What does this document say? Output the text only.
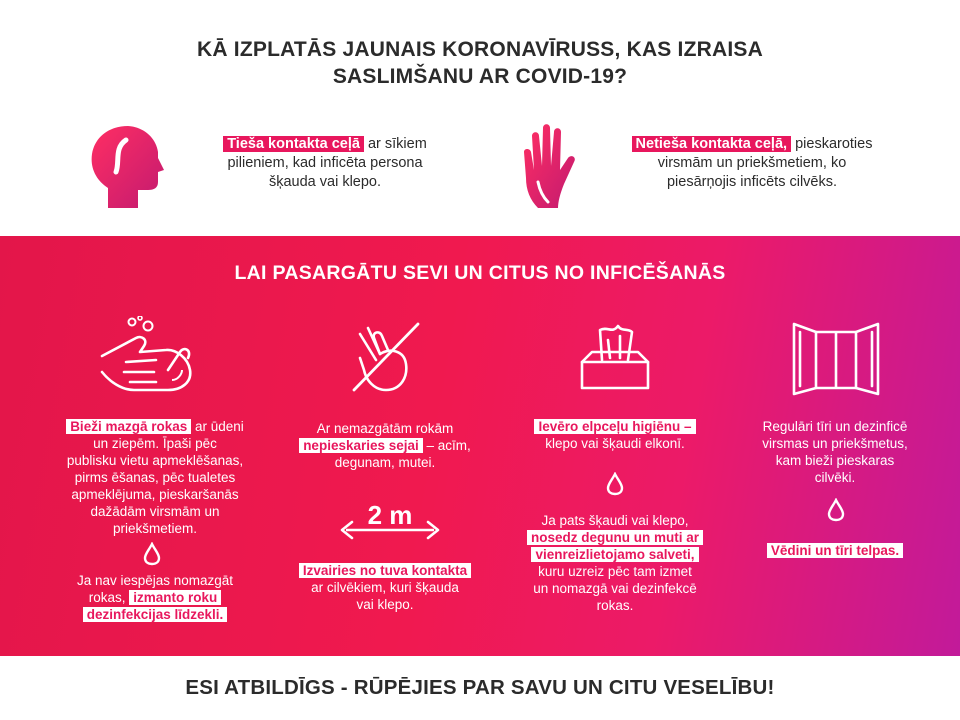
KĀ IZPLATĀS JAUNAIS KORONAVĪRUSS, KAS IZRAISA
SASLIMŠANU AR COVID-19?
Tieša kontakta ceļā ar sīkiem
pilieniem, kad inficēta persona
šķauda vai klepo.
Netieša kontakta ceļā, pieskaroties
virsmām un priekšmetiem, ko
piesārņojis inficēts cilvēks.
LAI PASARGĀTU SEVI UN CITUS NO INFICĒŠANĀS
Bieži mazgā rokas ar ūdeni
un ziepēm. Īpaši pēc
publisku vietu apmeklēšanas,
pirms ēšanas, pēc tualetes
apmeklējuma, pieskaršanās
dažādām virsmām un
priekšmetiem.
Ja nav iespējas nomazgāt
rokas, izmanto roku
dezinfekcijas līdzekli.
Ar nemazgātām rokām
nepieskaries sejai – acīm,
degunam, mutei.
2 m
Izvairies no tuva kontakta
ar cilvēkiem, kuri šķauda
vai klepo.
Ievēro elpceļu higiēnu –
klepo vai šķaudi elkonī.
Ja pats šķaudi vai klepo,
nosedz degunu un muti ar
vienreizlietojamo salveti,
kuru uzreiz pēc tam izmet
un nomazgā vai dezinfekcē
rokas.
Regulāri tīri un dezinficē
virsmas un priekšmetus,
kam bieži pieskaras
cilvēki.
Vēdini un tīri telpas.
ESI ATBILDĪGS - RŪPĒJIES PAR SAVU UN CITU VESELĪBU!
